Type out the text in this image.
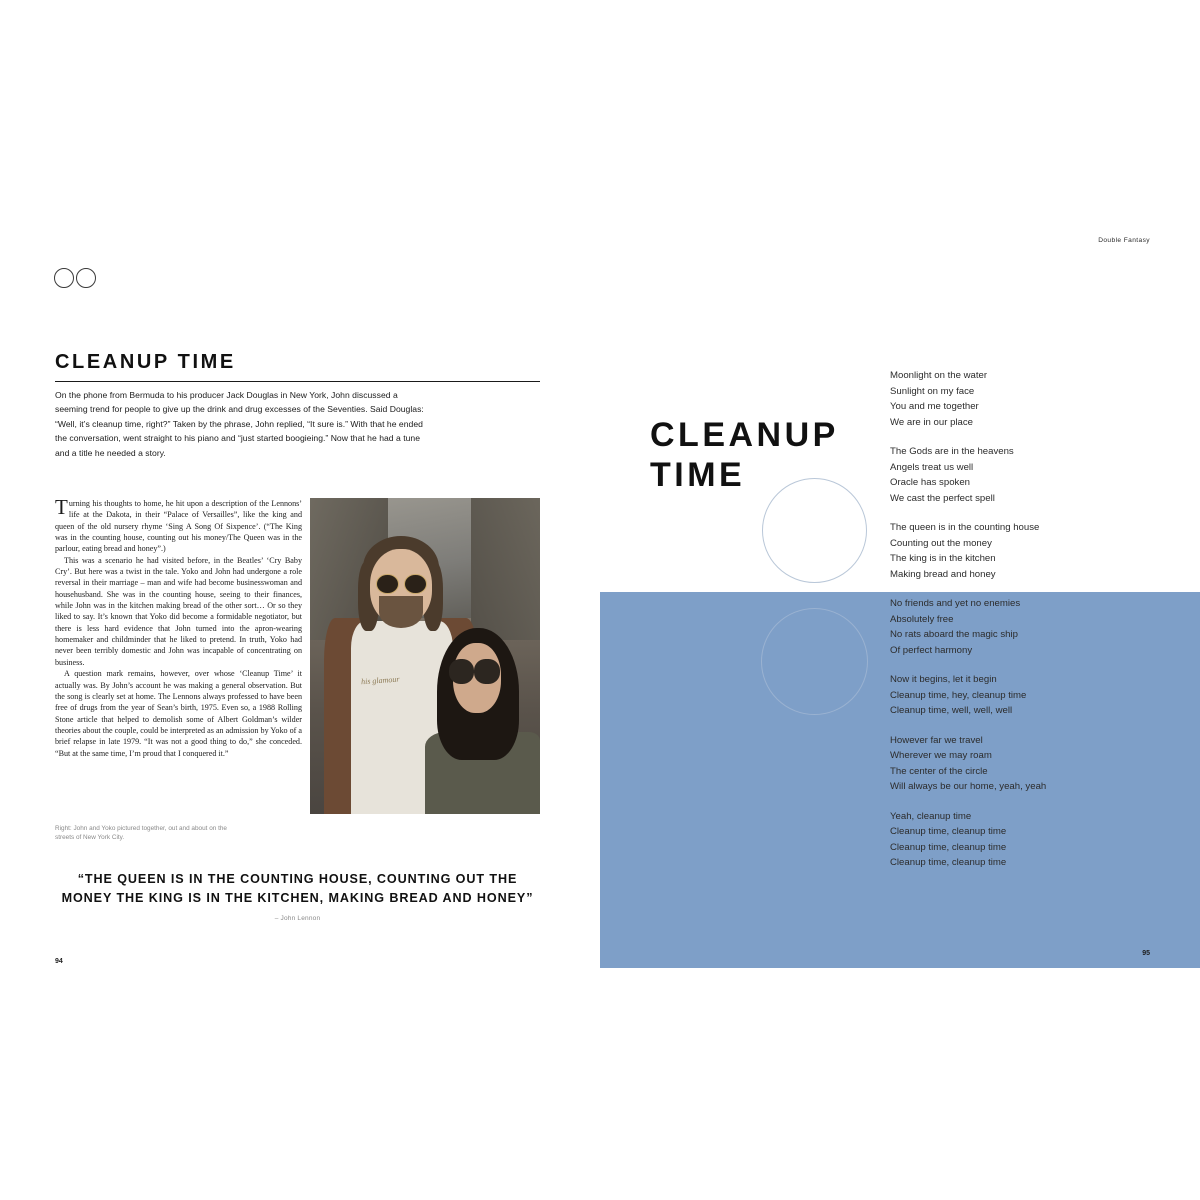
CLEANUP TIME
On the phone from Bermuda to his producer Jack Douglas in New York, John discussed a seeming trend for people to give up the drink and drug excesses of the Seventies. Said Douglas: “Well, it’s cleanup time, right?” Taken by the phrase, John replied, “It sure is.” With that he ended the conversation, went straight to his piano and “just started boogieing.” Now that he had a tune and a title he needed a story.

Turning his thoughts to home, he hit upon a description of the Lennons’ life at the Dakota, in their “Palace of Versailles”, like the king and queen of the old nursery rhyme ‘Sing A Song Of Sixpence’. (“The King was in the counting house, counting out his money/The Queen was in the parlour, eating bread and honey”.)

This was a scenario he had visited before, in the Beatles’ ‘Cry Baby Cry’. But here was a twist in the tale. Yoko and John had undergone a role reversal in their marriage – man and wife had become businesswoman and househusband. She was in the counting house, seeing to their finances, while John was in the kitchen making bread of the other sort… Or so they liked to say. It’s known that Yoko did become a formidable negotiator, but there is less hard evidence that John turned into the apron-wearing homemaker and childminder that he liked to pretend. In truth, Yoko had never been terribly domestic and John was incapable of concentrating on business.

A question mark remains, however, over whose ‘Cleanup Time’ it actually was. By John’s account he was making a general observation. But the song is clearly set at home. The Lennons always professed to have been free of drugs from the year of Sean’s birth, 1975. Even so, a 1988 Rolling Stone article that helped to demolish some of Albert Goldman’s wilder theories about the couple, could be interpreted as an admission by Yoko of a brief relapse in late 1979. “It was not a good thing to do,” she conceded. “But at the same time, I’m proud that I conquered it.”

his glamour
Right: John and Yoko pictured together, out and about on the streets of New York City.
“THE QUEEN IS IN THE COUNTING HOUSE, COUNTING OUT THE MONEY THE KING IS IN THE KITCHEN, MAKING BREAD AND HONEY”
– John Lennon
94
Double Fantasy
CLEANUP
TIME
Moonlight on the water
Sunlight on my face
You and me together
We are in our place
The Gods are in the heavens
Angels treat us well
Oracle has spoken
We cast the perfect spell
The queen is in the counting house
Counting out the money
The king is in the kitchen
Making bread and honey
No friends and yet no enemies
Absolutely free
No rats aboard the magic ship
Of perfect harmony
Now it begins, let it begin
Cleanup time, hey, cleanup time
Cleanup time, well, well, well
However far we travel
Wherever we may roam
The center of the circle
Will always be our home, yeah, yeah
Yeah, cleanup time
Cleanup time, cleanup time
Cleanup time, cleanup time
Cleanup time, cleanup time
95
